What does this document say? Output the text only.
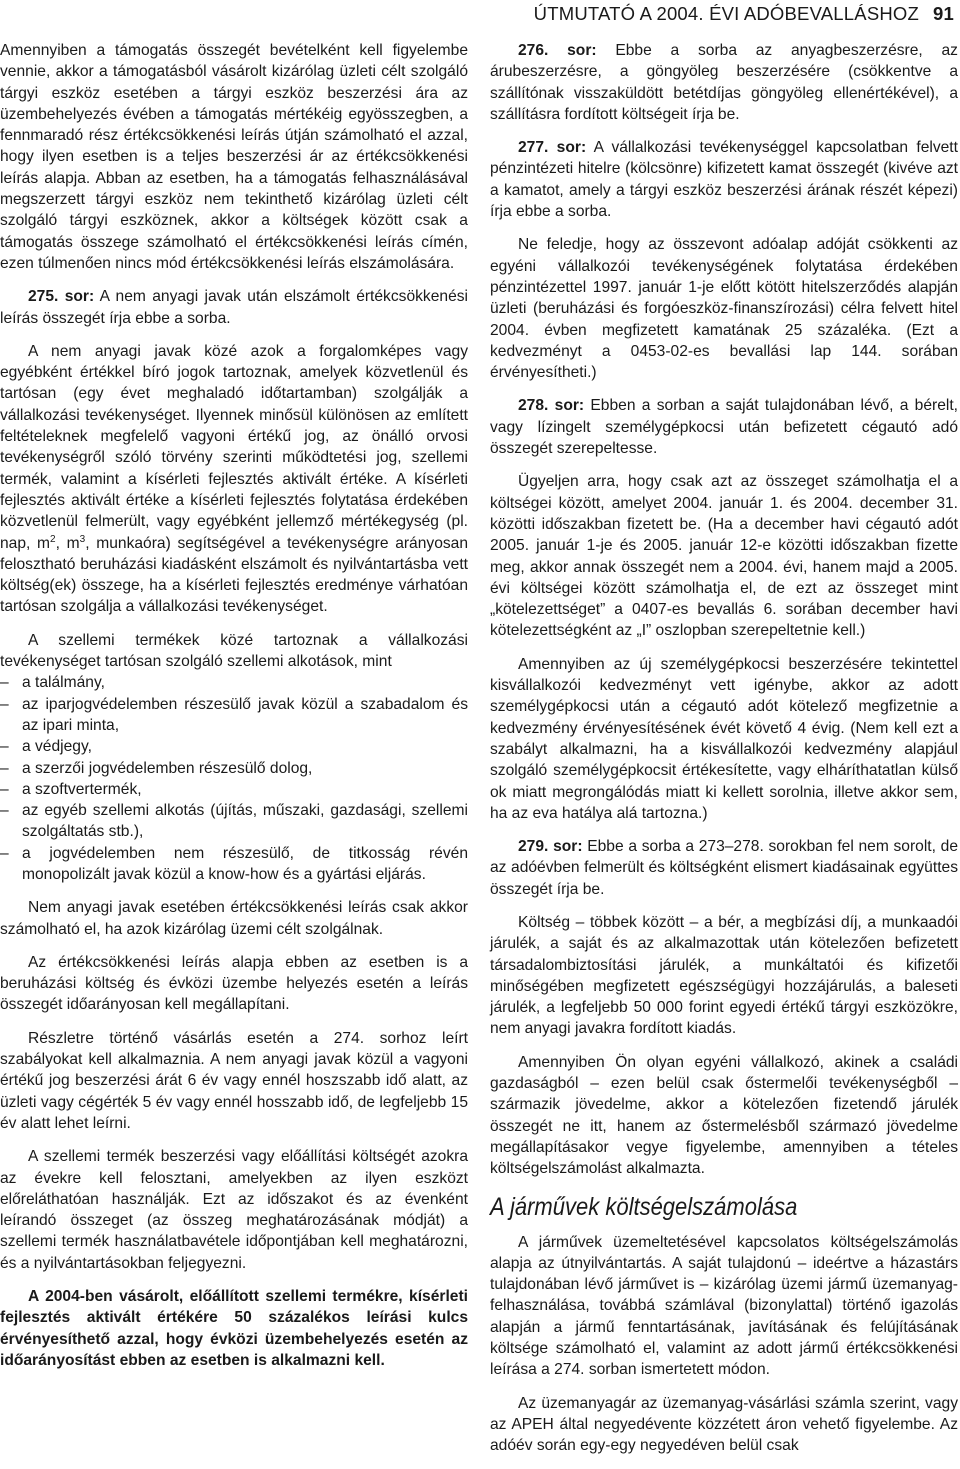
ÚTMUTATÓ A 2004. ÉVI ADÓBEVALLÁSHOZ 91

Amennyiben a támogatás összegét bevételként kell figyelembe vennie, akkor a támogatásból vásárolt kizárólag üzleti célt szolgáló tárgyi eszköz esetében a tárgyi eszköz beszerzési ára az üzembehelyezés évében a támogatás mértékéig egyösszegben, a fennmaradó rész értékcsökkenési leírás útján számolható el azzal, hogy ilyen esetben is a teljes beszerzési ár az értékcsökkenési leírás alapja. Abban az esetben, ha a támogatás felhasználásával megszerzett tárgyi eszköz nem tekinthető kizárólag üzleti célt szolgáló tárgyi eszköznek, akkor a költségek között csak a támogatás összege számolható el értékcsökkenési leírás címén, ezen túlmenően nincs mód értékcsökkenési leírás elszámolására.

275. sor: A nem anyagi javak után elszámolt értékcsökkenési leírás összegét írja ebbe a sorba.

A nem anyagi javak közé azok a forgalomképes vagy egyébként értékkel bíró jogok tartoznak, amelyek közvetlenül és tartósan (egy évet meghaladó időtartamban) szolgálják a vállalkozási tevékenységet. Ilyennek minősül különösen az említett feltételeknek megfelelő vagyoni értékű jog, az önálló orvosi tevékenységről szóló törvény szerinti működtetési jog, szellemi termék, valamint a kísérleti fejlesztés aktivált értéke. A kísérleti fejlesztés aktivált értéke a kísérleti fejlesztés folytatása érdekében közvetlenül felmerült, vagy egyébként jellemző mértékegység (pl. nap, $m^2$, $m^3$, munkaóra) segítségével a tevékenységre arányosan felosztható beruházási kiadásként elszámolt és nyilvántartásba vett költség(ek) összege, ha a kísérleti fejlesztés eredménye várhatóan tartósan szolgálja a vállalkozási tevékenységet.

A szellemi termékek közé tartoznak a vállalkozási tevékenységet tartósan szolgáló szellemi alkotások, mint

– a találmány,
– az iparjogvédelemben részesülő javak közül a szabadalom és az ipari minta,
– a védjegy,
– a szerzői jogvédelemben részesülő dolog,
– a szoftvertermék,
– az egyéb szellemi alkotás (újítás, műszaki, gazdasági, szellemi szolgáltatás stb.),
– a jogvédelemben nem részesülő, de titkosság révén monopolizált javak közül a know-how és a gyártási eljárás.

Nem anyagi javak esetében értékcsökkenési leírás csak akkor számolható el, ha azok kizárólag üzemi célt szolgálnak.

Az értékcsökkenési leírás alapja ebben az esetben is a beruházási költség és évközi üzembe helyezés esetén a leírás összegét időarányosan kell megállapítani.

Részletre történő vásárlás esetén a 274. sorhoz leírt szabályokat kell alkalmaznia. A nem anyagi javak közül a vagyoni értékű jog beszerzési árát 6 év vagy ennél hoszszabb idő alatt, az üzleti vagy cégérték 5 év vagy ennél hosszabb idő, de legfeljebb 15 év alatt lehet leírni.

A szellemi termék beszerzési vagy előállítási költségét azokra az évekre kell felosztani, amelyekben az ilyen eszközt előreláthatóan használják. Ezt az időszakot és az évenként leírandó összeget (az összeg meghatározásának módját) a szellemi termék használatbavétele időpontjában kell meghatározni, és a nyilvántartásokban feljegyezni.

A 2004-ben vásárolt, előállított szellemi termékre, kísérleti fejlesztés aktivált értékére 50 százalékos leírási kulcs érvényesíthető azzal, hogy évközi üzembehelyezés esetén az időarányosítást ebben az esetben is alkalmazni kell.

276. sor: Ebbe a sorba az anyagbeszerzésre, az árubeszerzésre, a göngyöleg beszerzésére (csökkentve a szállítónak visszaküldött betétdíjas göngyöleg ellenértékével), a szállításra fordított költségeit írja be.

277. sor: A vállalkozási tevékenységgel kapcsolatban felvett pénzintézeti hitelre (kölcsönre) kifizetett kamat összegét (kivéve azt a kamatot, amely a tárgyi eszköz beszerzési árának részét képezi) írja ebbe a sorba.

Ne feledje, hogy az összevont adóalap adóját csökkenti az egyéni vállalkozói tevékenységének folytatása érdekében pénzintézettel 1997. január 1-je előtt kötött hitelszerződés alapján üzleti (beruházási és forgóeszköz-finanszírozási) célra felvett hitel 2004. évben megfizetett kamatának 25 százaléka. (Ezt a kedvezményt a 0453-02-es bevallási lap 144. sorában érvényesítheti.)

278. sor: Ebben a sorban a saját tulajdonában lévő, a bérelt, vagy lízingelt személygépkocsi után befizetett cégautó adó összegét szerepeltesse.

Ügyeljen arra, hogy csak azt az összeget számolhatja el a költségei között, amelyet 2004. január 1. és 2004. december 31. közötti időszakban fizetett be. (Ha a december havi cégautó adót 2005. január 1-je és 2005. január 12-e közötti időszakban fizette meg, akkor annak összegét nem a 2004. évi, hanem majd a 2005. évi költségei között számolhatja el, de ezt az összeget mint „kötelezettséget” a 0407-es bevallás 6. sorában december havi kötelezettségként az „I” oszlopban szerepeltetnie kell.)

Amennyiben az új személygépkocsi beszerzésére tekintettel kisvállalkozói kedvezményt vett igénybe, akkor az adott személygépkocsi után a cégautó adót kötelező megfizetnie a kedvezmény érvényesítésének évét követő 4 évig. (Nem kell ezt a szabályt alkalmazni, ha a kisvállalkozói kedvezmény alapjául szolgáló személygépkocsit értékesítette, vagy elháríthatatlan külső ok miatt megrongálódás miatt ki kellett sorolnia, illetve akkor sem, ha az eva hatálya alá tartozna.)

279. sor: Ebbe a sorba a 273–278. sorokban fel nem sorolt, de az adóévben felmerült és költségként elismert kiadásainak együttes összegét írja be.

Költség – többek között – a bér, a megbízási díj, a munkaadói járulék, a saját és az alkalmazottak után kötelezően befizetett társadalombiztosítási járulék, a munkáltatói és kifizetői minőségében megfizetett egészségügyi hozzájárulás, a baleseti járulék, a legfeljebb 50 000 forint egyedi értékű tárgyi eszközökre, nem anyagi javakra fordított kiadás.

Amennyiben Ön olyan egyéni vállalkozó, akinek a családi gazdaságból – ezen belül csak őstermelői tevékenységből – származik jövedelme, akkor a kötelezően fizetendő járulék összegét ne itt, hanem az őstermelésből származó jövedelme megállapításakor vegye figyelembe, amennyiben a tételes költségelszámolást alkalmazta.

A járművek költségelszámolása

A járművek üzemeltetésével kapcsolatos költségelszámolás alapja az útnyilvántartás. A saját tulajdonú – ideértve a házastárs tulajdonában lévő járművet is – kizárólag üzemi jármű üzemanyag-felhasználása, továbbá számlával (bizonylattal) történő igazolás alapján a jármű fenntartásának, javításának és felújításának költsége számolható el, valamint az adott jármű értékcsökkenési leírása a 274. sorban ismertetett módon.

Az üzemanyagár az üzemanyag-vásárlási számla szerint, vagy az APEH által negyedévente közzétett áron vehető figyelembe. Az adóév során egy-egy negyedéven belül csak
